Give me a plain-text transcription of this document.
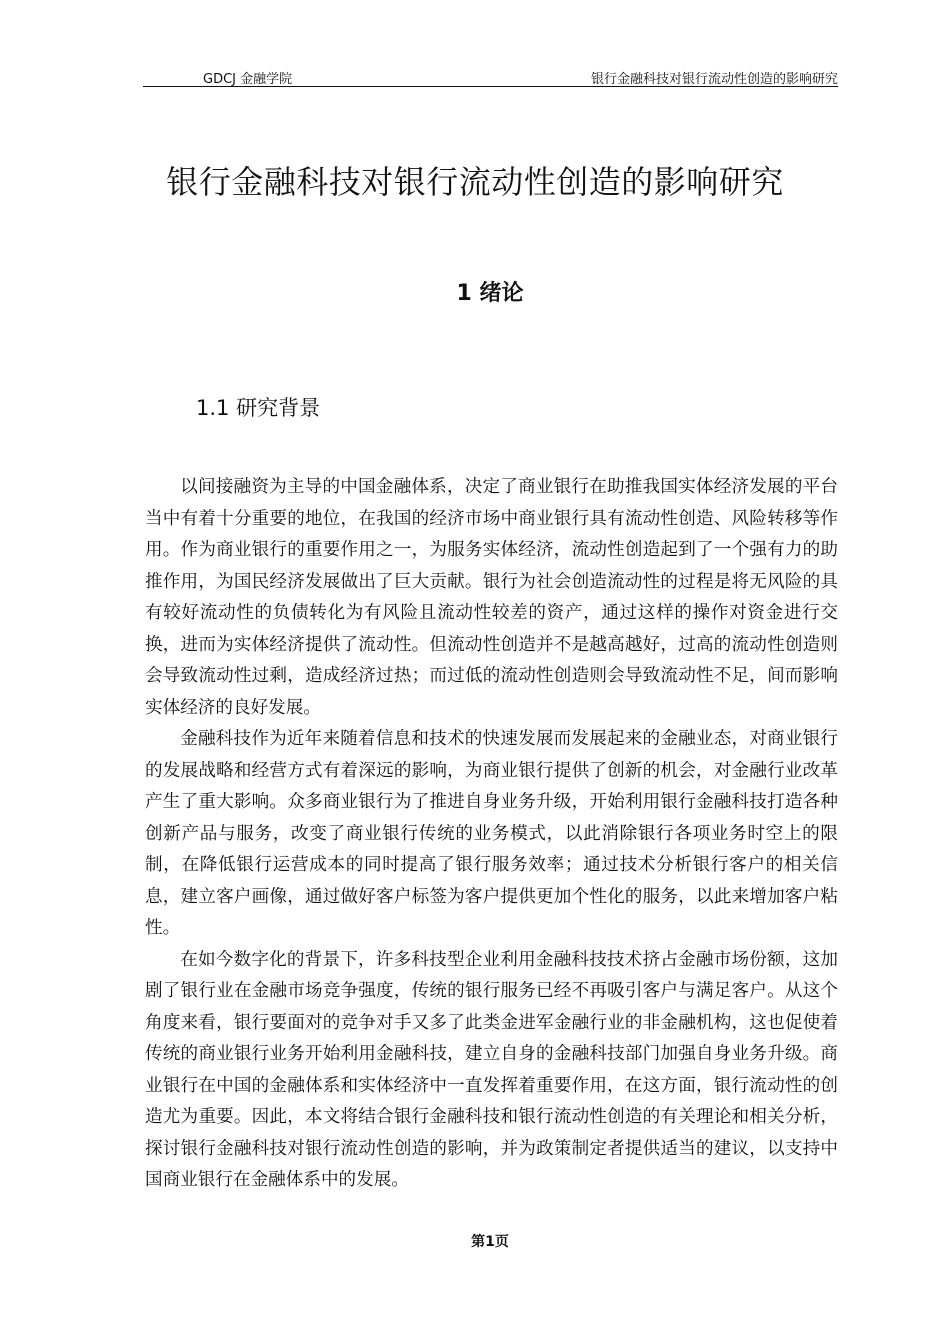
GDCJ 金融学院	银行金融科技对银行流动性创造的影响研究
银行金融科技对银行流动性创造的影响研究
1 绪论
1.1 研究背景

以间接融资为主导的中国金融体系，决定了商业银行在助推我国实体经济发展的平台当中有着十分重要的地位，在我国的经济市场中商业银行具有流动性创造、风险转移等作用。作为商业银行的重要作用之一，为服务实体经济，流动性创造起到了一个强有力的助推作用，为国民经济发展做出了巨大贡献。银行为社会创造流动性的过程是将无风险的具有较好流动性的负债转化为有风险且流动性较差的资产，通过这样的操作对资金进行交换，进而为实体经济提供了流动性。但流动性创造并不是越高越好，过高的流动性创造则会导致流动性过剩，造成经济过热；而过低的流动性创造则会导致流动性不足，间而影响实体经济的良好发展。

金融科技作为近年来随着信息和技术的快速发展而发展起来的金融业态，对商业银行的发展战略和经营方式有着深远的影响，为商业银行提供了创新的机会，对金融行业改革产生了重大影响。众多商业银行为了推进自身业务升级，开始利用银行金融科技打造各种创新产品与服务，改变了商业银行传统的业务模式，以此消除银行各项业务时空上的限制，在降低银行运营成本的同时提高了银行服务效率；通过技术分析银行客户的相关信息，建立客户画像，通过做好客户标签为客户提供更加个性化的服务，以此来增加客户粘性。

在如今数字化的背景下，许多科技型企业利用金融科技技术挤占金融市场份额，这加剧了银行业在金融市场竞争强度，传统的银行服务已经不再吸引客户与满足客户。从这个角度来看，银行要面对的竞争对手又多了此类金进军金融行业的非金融机构，这也促使着传统的商业银行业务开始利用金融科技，建立自身的金融科技部门加强自身业务升级。商业银行在中国的金融体系和实体经济中一直发挥着重要作用，在这方面，银行流动性的创造尤为重要。因此，本文将结合银行金融科技和银行流动性创造的有关理论和相关分析，探讨银行金融科技对银行流动性创造的影响，并为政策制定者提供适当的建议，以支持中国商业银行在金融体系中的发展。

第1页
